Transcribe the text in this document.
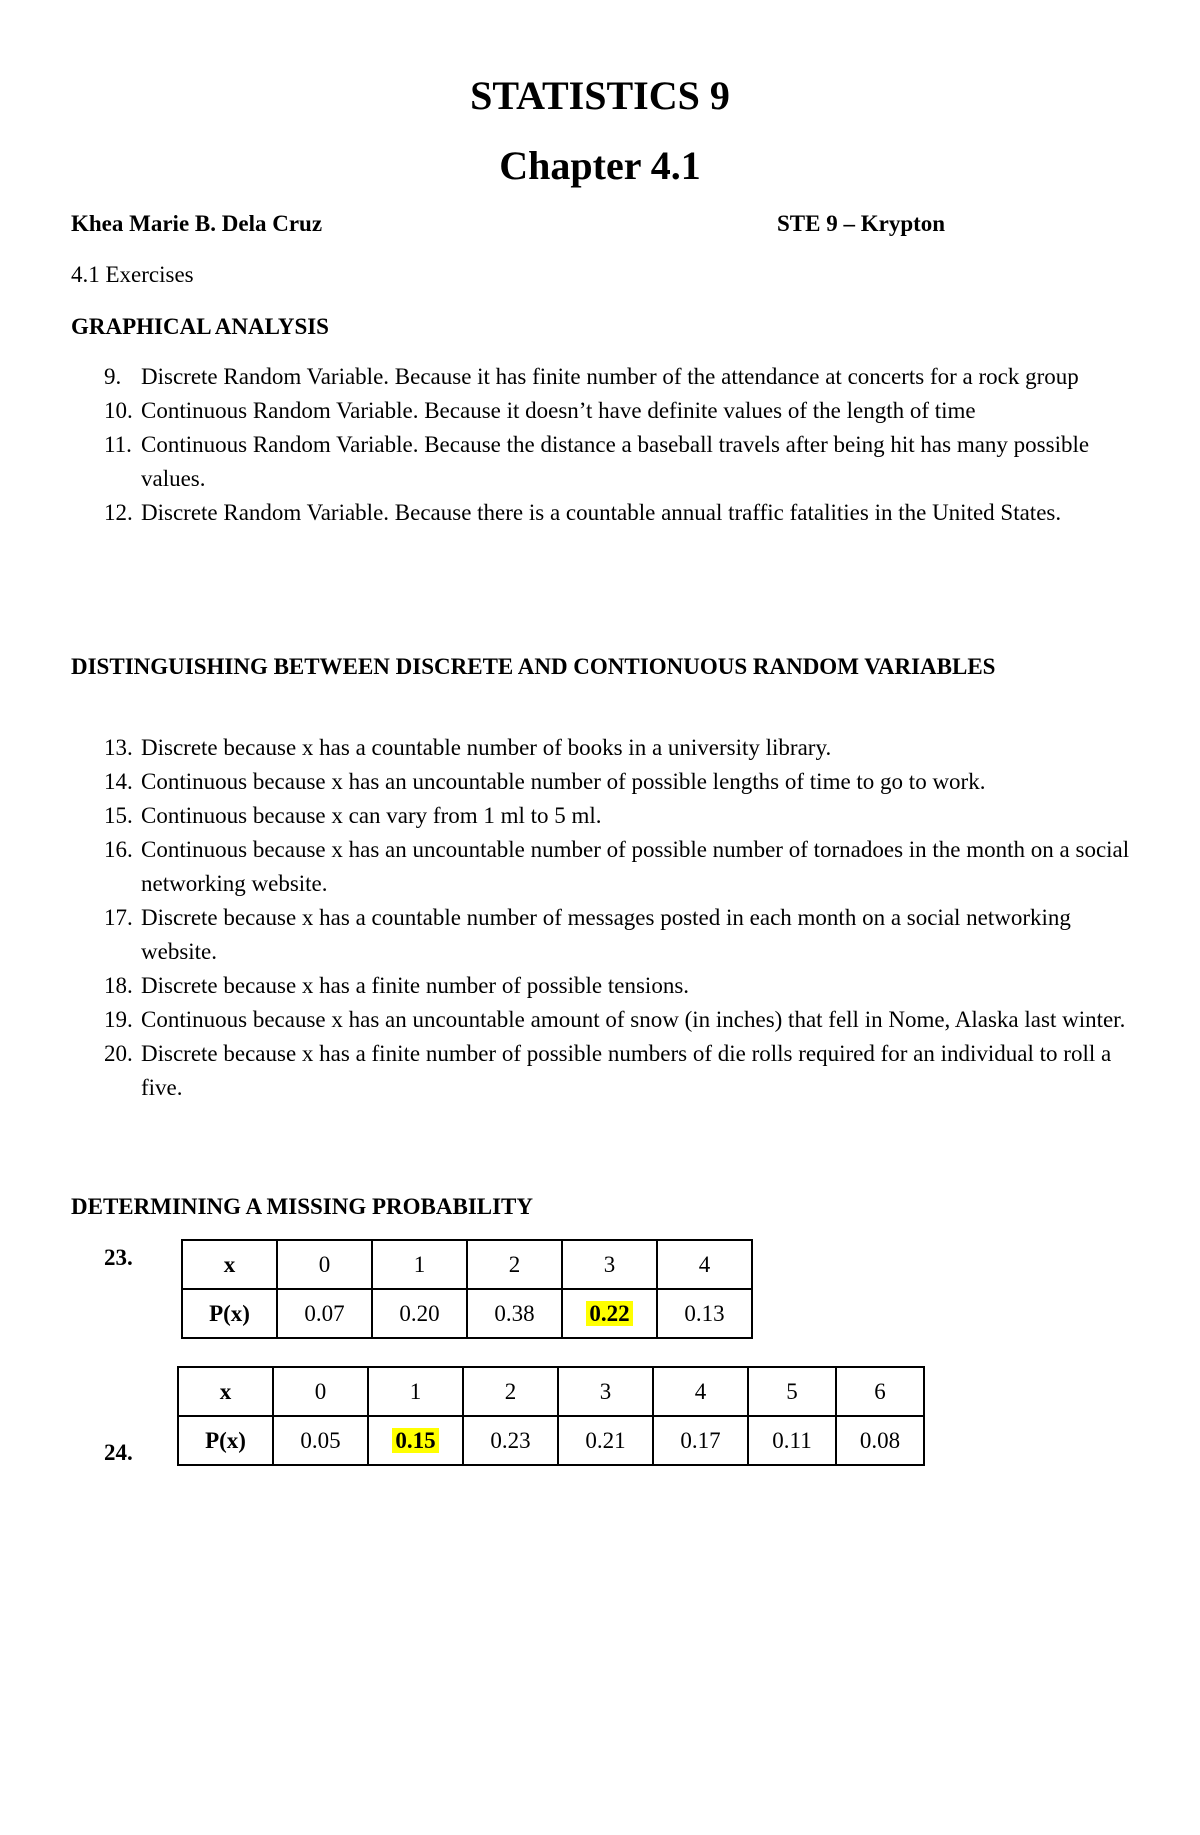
STATISTICS 9
Chapter 4.1
Khea Marie B. Dela Cruz	STE 9 – Krypton
4.1 Exercises
GRAPHICAL ANALYSIS
9. Discrete Random Variable. Because it has finite number of the attendance at concerts for a rock group
10. Continuous Random Variable. Because it doesn’t have definite values of the length of time
11. Continuous Random Variable. Because the distance a baseball travels after being hit has many possible values.
12. Discrete Random Variable. Because there is a countable annual traffic fatalities in the United States.
DISTINGUISHING BETWEEN DISCRETE AND CONTIONUOUS RANDOM VARIABLES
13. Discrete because x has a countable number of books in a university library.
14. Continuous because x has an uncountable number of possible lengths of time to go to work.
15. Continuous because x can vary from 1 ml to 5 ml.
16. Continuous because x has an uncountable number of possible number of tornadoes in the month on a social networking website.
17. Discrete because x has a countable number of messages posted in each month on a social networking website.
18. Discrete because x has a finite number of possible tensions.
19. Continuous because x has an uncountable amount of snow (in inches) that fell in Nome, Alaska last winter.
20. Discrete because x has a finite number of possible numbers of die rolls required for an individual to roll a five.
DETERMINING A MISSING PROBABILITY
23.	x	0	1	2	3	4
P(x)	0.07	0.20	0.38	0.22	0.13
24.
x	0	1	2	3	4	5	6
P(x)	0.05	0.15	0.23	0.21	0.17	0.11	0.08
